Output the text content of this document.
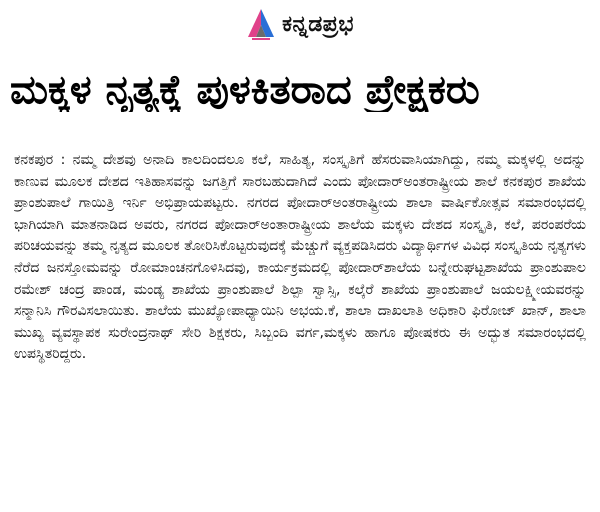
ಕನ್ನಡಪ್ರಭ
ಮಕ್ಕಳ ನೃತ್ಯಕ್ಕೆ ಪುಳಕಿತರಾದ ಪ್ರೇಕ್ಷಕರು
ಕನಕಪುರ : ನಮ್ಮ ದೇಶವು ಅನಾದಿ ಕಾಲದಿಂದಲೂ ಕಲೆ, ಸಾಹಿತ್ಯ, ಸಂಸ್ಕೃತಿಗೆ ಹೆಸರುವಾಸಿಯಾಗಿದ್ದು, ನಮ್ಮ ಮಕ್ಕಳಲ್ಲಿ ಅದನ್ನು ಕಾಣುವ ಮೂಲಕ ದೇಶದ ಇತಿಹಾಸವನ್ನು ಜಗತ್ತಿಗೆ ಸಾರಬಹುದಾಗಿದೆ ಎಂದು ಪೋದಾರ್‌ಅಂತರಾಷ್ಟ್ರೀಯ ಶಾಲೆ ಕನಕಪುರ ಶಾಖೆಯ ಪ್ರಾಂಶುಪಾಲೆ ಗಾಯಿತ್ರಿ ಇರ್ನಿ ಅಭಿಪ್ರಾಯಪಟ್ಟರು. ನಗರದ ಪೋದಾರ್‌ಅಂತರಾಷ್ಟ್ರೀಯ ಶಾಲಾ ವಾರ್ಷಿಕೋತ್ಸವ ಸಮಾರಂಭದಲ್ಲಿ ಭಾಗಿಯಾಗಿ ಮಾತನಾಡಿದ ಅವರು, ನಗರದ ಪೋದಾರ್‌ಅಂತಾರಾಷ್ಟ್ರೀಯ ಶಾಲೆಯ ಮಕ್ಕಳು ದೇಶದ ಸಂಸ್ಕೃತಿ, ಕಲೆ, ಪರಂಪರೆಯ ಪರಿಚಯವನ್ನು ತಮ್ಮ ನೃತ್ಯದ ಮೂಲಕ ತೋರಿಸಿಕೊಟ್ಟರುವುದಕ್ಕೆ ಮೆಚ್ಚುಗೆ ವ್ಯಕ್ತಪಡಿಸಿದರು ವಿದ್ಯಾರ್ಥಿಗಳ ವಿವಿಧ ಸಂಸ್ಕೃತಿಯ ನೃತ್ಯಗಳು ನೆರೆದ ಜನಸ್ತೋಮವನ್ನು ರೋಮಾಂಚನಗೊಳಿಸಿದವು, ಕಾರ್ಯಕ್ರಮದಲ್ಲಿ ಪೋದಾರ್‌ಶಾಲೆಯ ಬನ್ನೇರುಘಟ್ಟಶಾಖೆಯ ಪ್ರಾಂಶುಪಾಲ ರಮೇಶ್ ಚಂದ್ರ ಪಾಂಡ, ಮಂಡ್ಯ ಶಾಖೆಯ ಪ್ರಾಂಶುಪಾಲೆ ಶಿಲ್ಪಾ ಸ್ವಾಸ್ಸಿ, ಕಲ್ಕೆರೆ ಶಾಖೆಯ ಪ್ರಾಂಶುಪಾಲೆ ಜಯಲಕ್ಷ್ಮೀಯವರನ್ನು ಸನ್ಮಾನಿಸಿ ಗೌರವಿಸಲಾಯಿತು. ಶಾಲೆಯ ಮುಖ್ಯೋಪಾಧ್ಯಾಯಿನಿ ಅಭಯ.ಕೆ, ಶಾಲಾ ದಾಖಲಾತಿ ಅಧಿಕಾರಿ ಫಿರೋಜ್ ಖಾನ್, ಶಾಲಾ ಮುಖ್ಯ ವ್ಯವಸ್ಥಾಪಕ ಸುರೇಂದ್ರನಾಥ್ ಸೇರಿ ಶಿಕ್ಷಕರು, ಸಿಬ್ಬಂದಿ ವರ್ಗ,ಮಕ್ಕಳು ಹಾಗೂ ಪೋಷಕರು ಈ ಅದ್ಭುತ ಸಮಾರಂಭದಲ್ಲಿ ಉಪಸ್ಥಿತರಿದ್ದರು.
